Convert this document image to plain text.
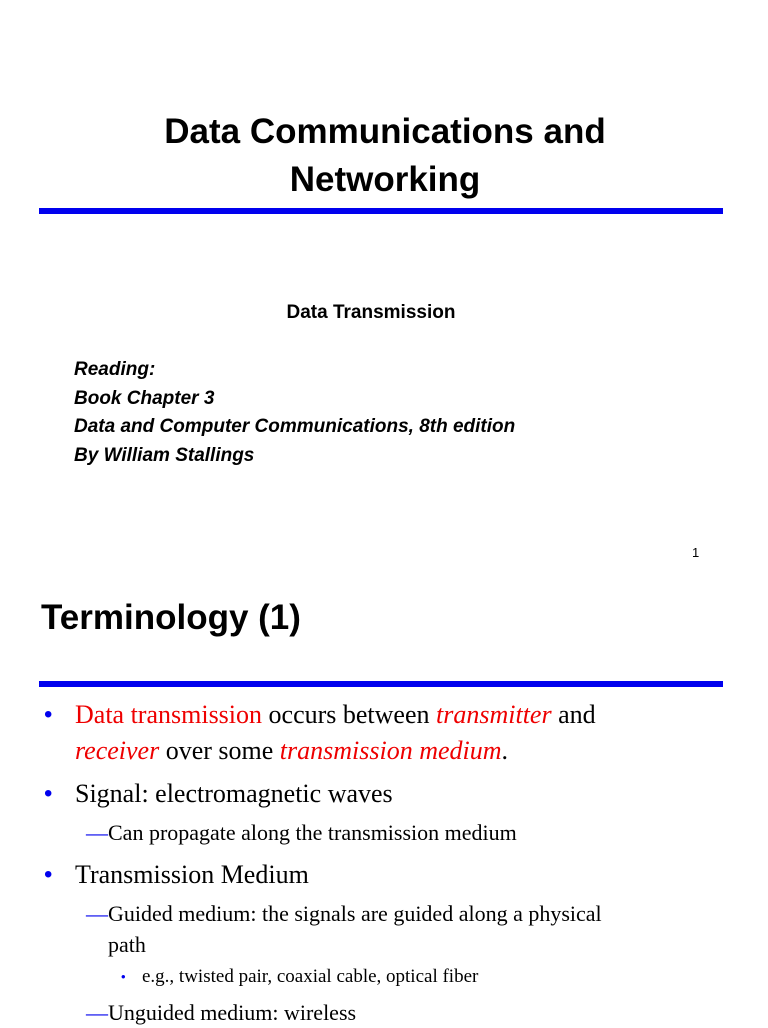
Data Communications and
Networking

Data Transmission

Reading:
Book Chapter 3
Data and Computer Communications, 8th edition
By William Stallings
1
Terminology (1)
• Data transmission occurs between transmitter and
receiver over some transmission medium.
• Signal: electromagnetic waves
—Can propagate along the transmission medium
• Transmission Medium
—Guided medium: the signals are guided along a physical
path
• e.g., twisted pair, coaxial cable, optical fiber
—Unguided medium: wireless
